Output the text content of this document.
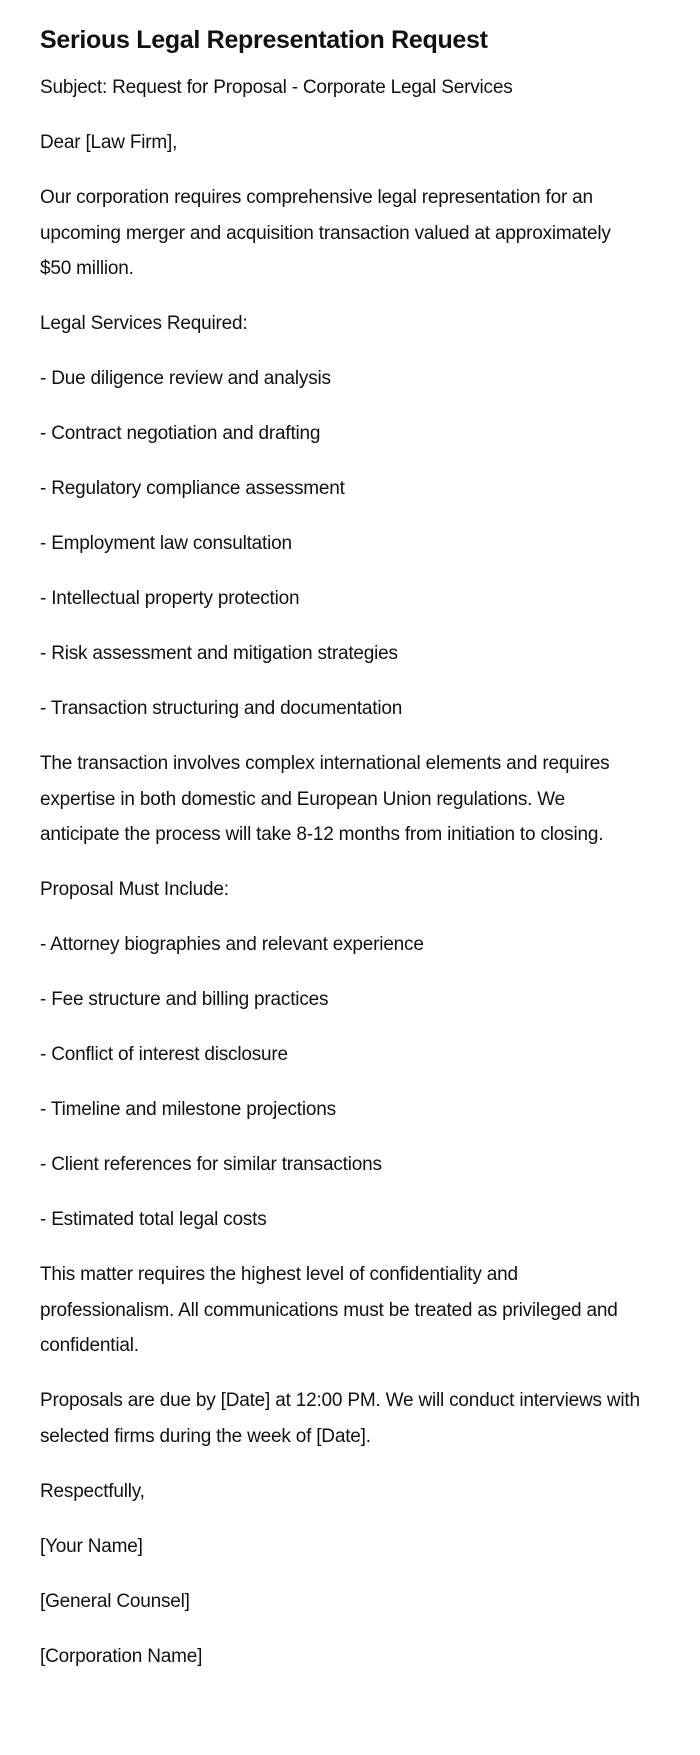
Serious Legal Representation Request

Subject: Request for Proposal - Corporate Legal Services

Dear [Law Firm],

Our corporation requires comprehensive legal representation for an upcoming merger and acquisition transaction valued at approximately $50 million.

Legal Services Required:

- Due diligence review and analysis

- Contract negotiation and drafting

- Regulatory compliance assessment

- Employment law consultation

- Intellectual property protection

- Risk assessment and mitigation strategies

- Transaction structuring and documentation

The transaction involves complex international elements and requires expertise in both domestic and European Union regulations. We anticipate the process will take 8-12 months from initiation to closing.

Proposal Must Include:

- Attorney biographies and relevant experience

- Fee structure and billing practices

- Conflict of interest disclosure

- Timeline and milestone projections

- Client references for similar transactions

- Estimated total legal costs

This matter requires the highest level of confidentiality and professionalism. All communications must be treated as privileged and confidential.

Proposals are due by [Date] at 12:00 PM. We will conduct interviews with selected firms during the week of [Date].

Respectfully,

[Your Name]

[General Counsel]

[Corporation Name]
